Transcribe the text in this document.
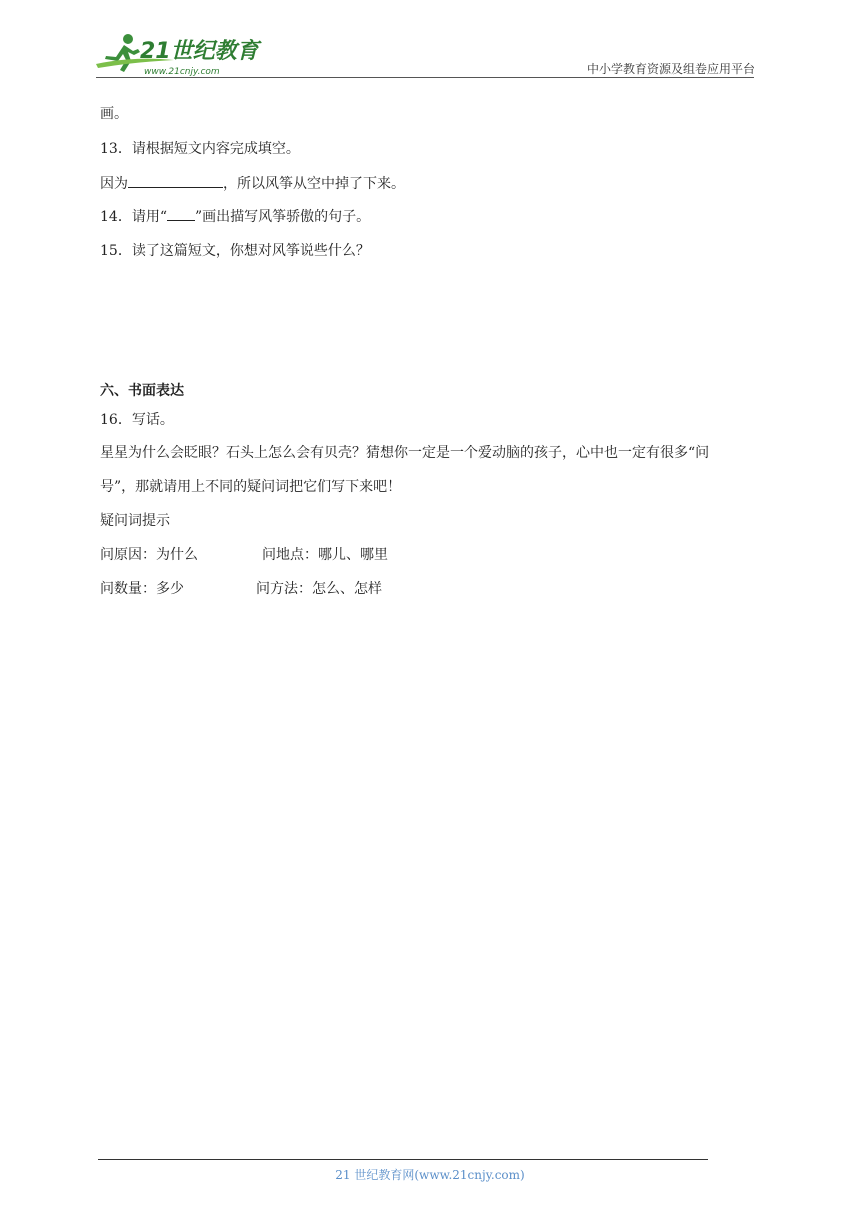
21世纪教育
www.21cnjy.com	中小学教育资源及组卷应用平台
画。
13．请根据短文内容完成填空。
因为	，所以风筝从空中掉了下来。
14．请用“ ”画出描写风筝骄傲的句子。
15．读了这篇短文，你想对风筝说些什么？
六、书面表达
16．写话。
星星为什么会眨眼？石头上怎么会有贝壳？猜想你一定是一个爱动脑的孩子，心中也一定有很多“问
号”，那就请用上不同的疑问词把它们写下来吧！
疑问词提示
问原因：为什么	问地点：哪儿、哪里
问数量：多少	问方法：怎么、怎样
21 世纪教育网(www.21cnjy.com)
